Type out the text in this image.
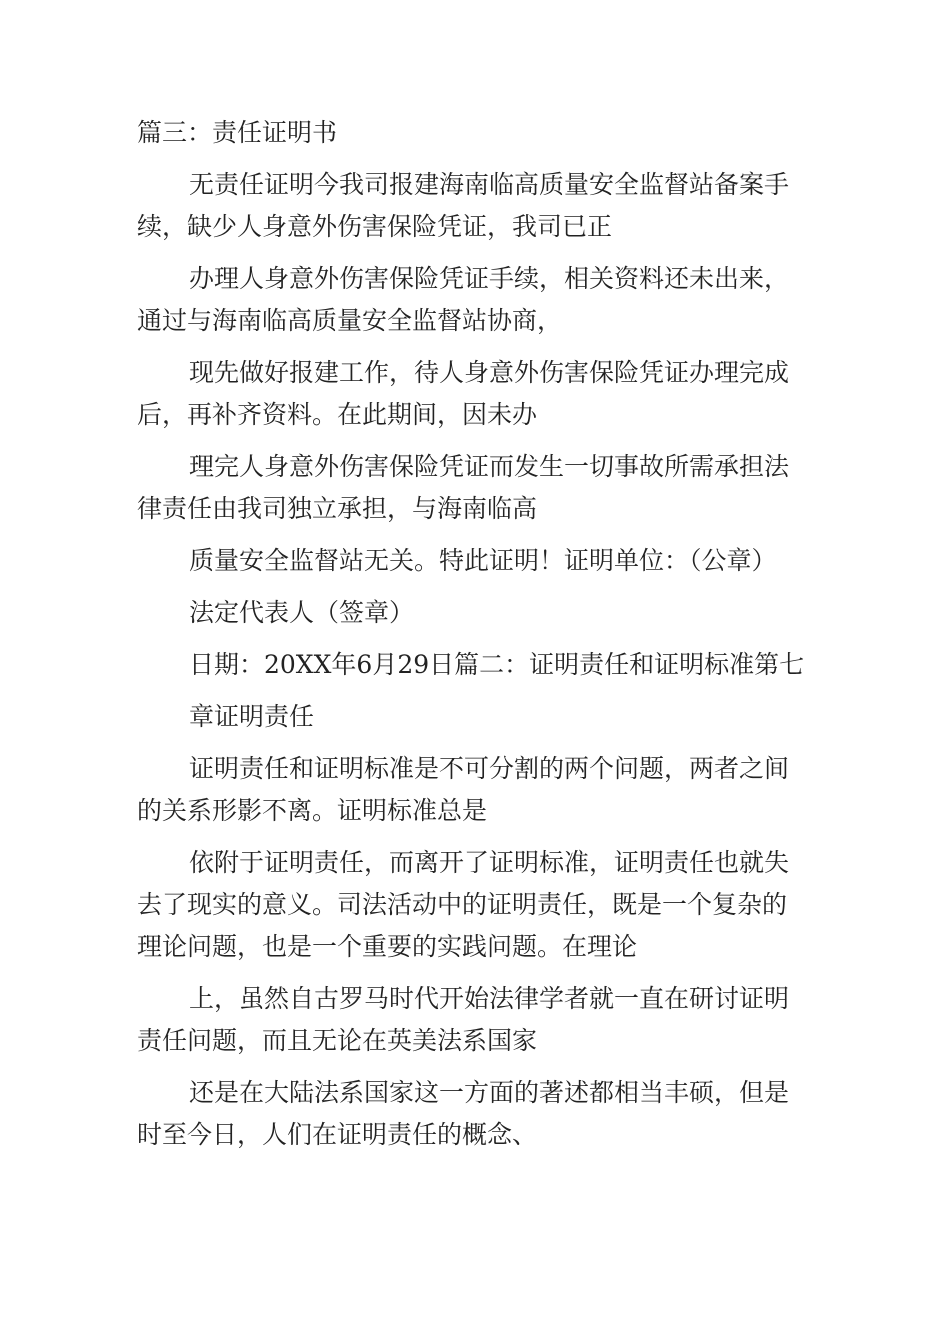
篇三：责任证明书

无责任证明今我司报建海南临高质量安全监督站备案手

续，缺少人身意外伤害保险凭证，我司已正

办理人身意外伤害保险凭证手续，相关资料还未出来，

通过与海南临高质量安全监督站协商，

现先做好报建工作，待人身意外伤害保险凭证办理完成

后，再补齐资料。在此期间，因未办

理完人身意外伤害保险凭证而发生一切事故所需承担法

律责任由我司独立承担，与海南临高

质量安全监督站无关。特此证明！证明单位：（公章）

法定代表人（签章）

日期：20XX年6月29日篇二：证明责任和证明标准第七

章证明责任

证明责任和证明标准是不可分割的两个问题，两者之间

的关系形影不离。证明标准总是

依附于证明责任，而离开了证明标准，证明责任也就失

去了现实的意义。司法活动中的证明责任，既是一个复杂的

理论问题，也是一个重要的实践问题。在理论

上，虽然自古罗马时代开始法律学者就一直在研讨证明

责任问题，而且无论在英美法系国家

还是在大陆法系国家这一方面的著述都相当丰硕，但是

时至今日，人们在证明责任的概念、
